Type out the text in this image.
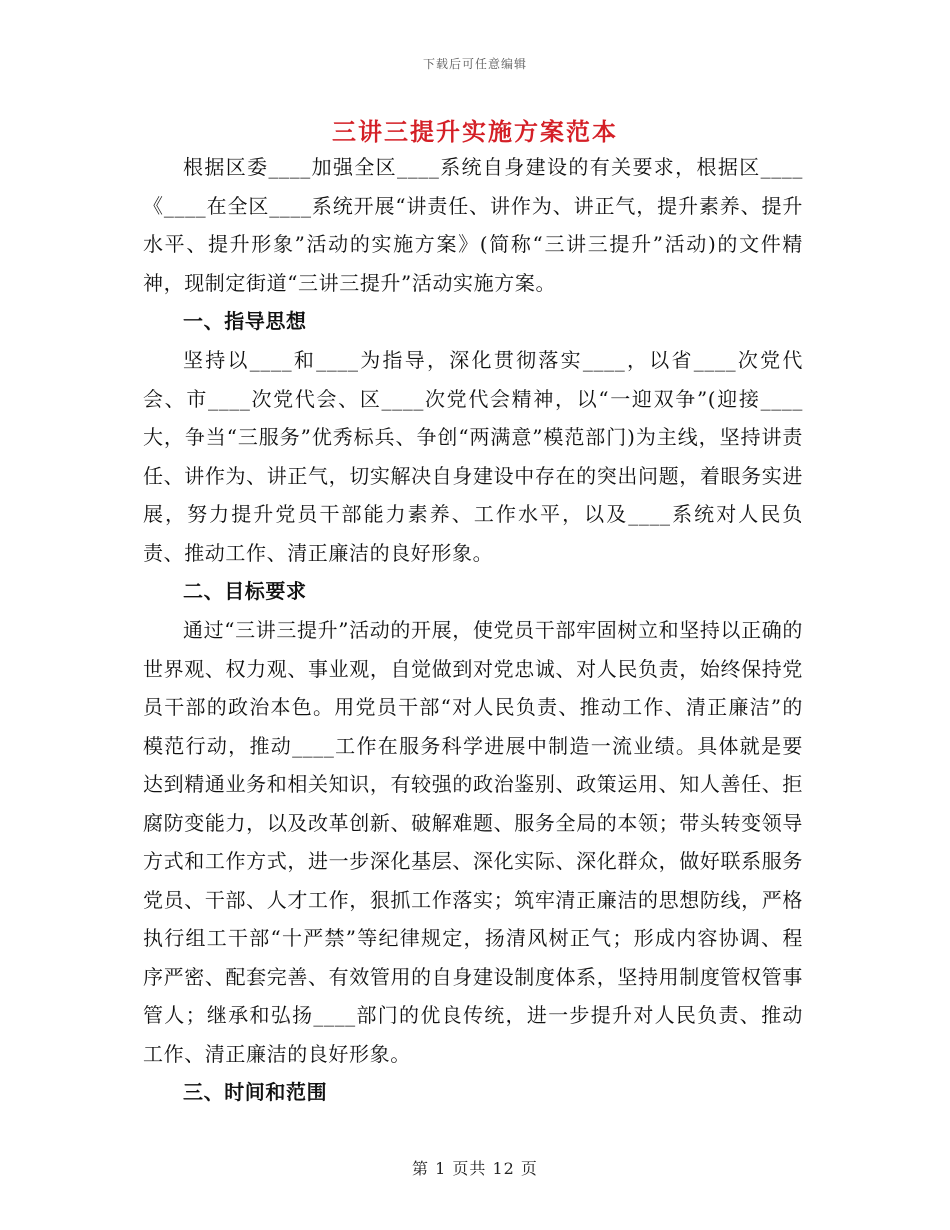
下载后可任意编辑
三讲三提升实施方案范本

根据区委____加强全区____系统自身建设的有关要求，根据区____《____在全区____系统开展“讲责任、讲作为、讲正气，提升素养、提升水平、提升形象”活动的实施方案》(简称“三讲三提升”活动)的文件精神，现制定街道“三讲三提升”活动实施方案。

一、指导思想

坚持以____和____为指导，深化贯彻落实____，以省____次党代会、市____次党代会、区____次党代会精神，以“一迎双争”(迎接____大，争当“三服务”优秀标兵、争创“两满意”模范部门)为主线，坚持讲责任、讲作为、讲正气，切实解决自身建设中存在的突出问题，着眼务实进展，努力提升党员干部能力素养、工作水平，以及____系统对人民负责、推动工作、清正廉洁的良好形象。

二、目标要求

通过“三讲三提升”活动的开展，使党员干部牢固树立和坚持以正确的世界观、权力观、事业观，自觉做到对党忠诚、对人民负责，始终保持党员干部的政治本色。用党员干部“对人民负责、推动工作、清正廉洁”的模范行动，推动____工作在服务科学进展中制造一流业绩。具体就是要达到精通业务和相关知识，有较强的政治鉴别、政策运用、知人善任、拒腐防变能力，以及改革创新、破解难题、服务全局的本领；带头转变领导方式和工作方式，进一步深化基层、深化实际、深化群众，做好联系服务党员、干部、人才工作，狠抓工作落实；筑牢清正廉洁的思想防线，严格执行组工干部“十严禁”等纪律规定，扬清风树正气；形成内容协调、程序严密、配套完善、有效管用的自身建设制度体系，坚持用制度管权管事管人；继承和弘扬____部门的优良传统，进一步提升对人民负责、推动工作、清正廉洁的良好形象。

三、时间和范围
第 1 页共 12 页
